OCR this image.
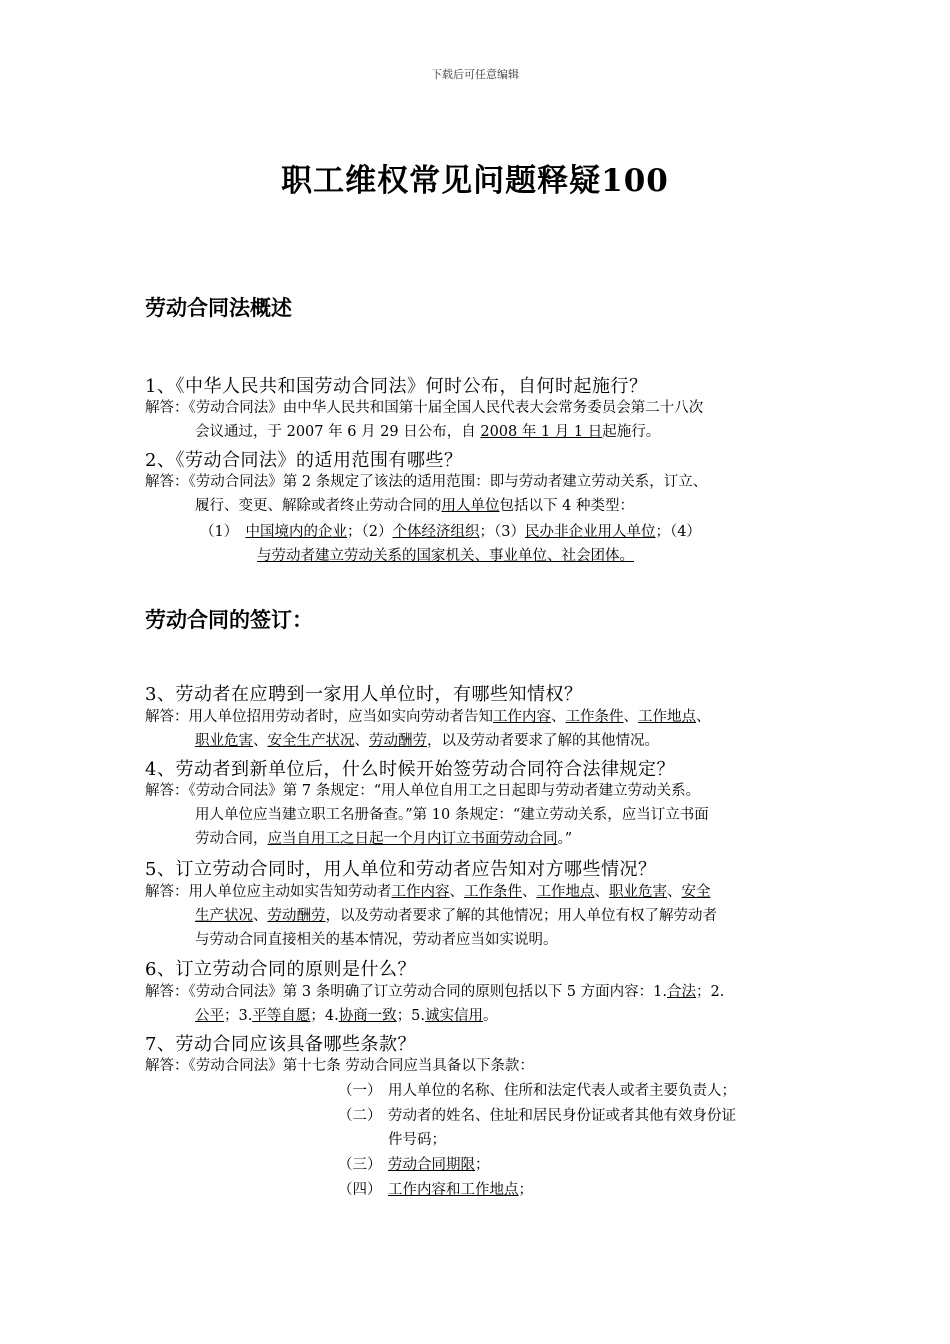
下载后可任意编辑
职工维权常见问题释疑100
劳动合同法概述
1、《中华人民共和国劳动合同法》何时公布，自何时起施行？
解答：《劳动合同法》由中华人民共和国第十届全国人民代表大会常务委员会第二十八次
会议通过，于 2007 年 6 月 29 日公布，自 2008 年 1 月 1 日起施行。
2、《劳动合同法》的适用范围有哪些？
解答：《劳动合同法》第 2 条规定了该法的适用范围：即与劳动者建立劳动关系，订立、
履行、变更、解除或者终止劳动合同的用人单位包括以下 4 种类型：
（1）　中国境内的企业；（2）个体经济组织；（3）民办非企业用人单位；（4）
与劳动者建立劳动关系的国家机关、事业单位、社会团体。
劳动合同的签订：
3、劳动者在应聘到一家用人单位时，有哪些知情权？
解答：用人单位招用劳动者时，应当如实向劳动者告知工作内容、工作条件、工作地点、
职业危害、安全生产状况、劳动酬劳，以及劳动者要求了解的其他情况。
4、劳动者到新单位后，什么时候开始签劳动合同符合法律规定？
解答：《劳动合同法》第 7 条规定：“用人单位自用工之日起即与劳动者建立劳动关系。
用人单位应当建立职工名册备查。”第 10 条规定：“建立劳动关系，应当订立书面
劳动合同，应当自用工之日起一个月内订立书面劳动合同。”
5、订立劳动合同时，用人单位和劳动者应告知对方哪些情况？
解答：用人单位应主动如实告知劳动者工作内容、工作条件、工作地点、职业危害、安全
生产状况、劳动酬劳，以及劳动者要求了解的其他情况；用人单位有权了解劳动者
与劳动合同直接相关的基本情况，劳动者应当如实说明。
6、订立劳动合同的原则是什么？
解答：《劳动合同法》第 3 条明确了订立劳动合同的原则包括以下 5 方面内容：1.合法；2.
公平；3.平等自愿；4.协商一致；5.诚实信用。
7、劳动合同应该具备哪些条款？
解答：《劳动合同法》第十七条 劳动合同应当具备以下条款：
（一） 用人单位的名称、住所和法定代表人或者主要负责人；
（二） 劳动者的姓名、住址和居民身份证或者其他有效身份证
件号码；
（三） 劳动合同期限；
（四） 工作内容和工作地点；
